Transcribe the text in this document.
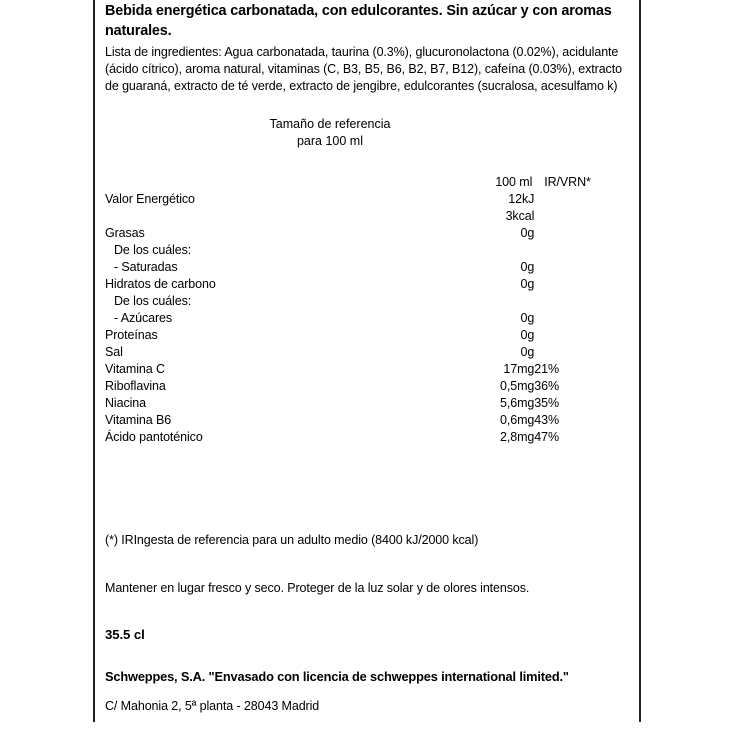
Bebida energética carbonatada, con edulcorantes. Sin azúcar y con aromas naturales.

Lista de ingredientes: Agua carbonatada, taurina (0.3%), glucuronolactona (0.02%), acidulante (ácido cítrico), aroma natural, vitaminas (C, B3, B5, B6, B2, B7, B12), cafeína (0.03%), extracto de guaraná, extracto de té verde, extracto de jengibre, edulcorantes (sucralosa, acesulfamo k)

Tamaño de referencia
para 100 ml
	100 ml	IR/VRN*
Valor Energético	12kJ	
	3kcal	
Grasas	0g	
De los cuáles:		
- Saturadas	0g	
Hidratos de carbono	0g	
De los cuáles:		
- Azúcares	0g	
Proteínas	0g	
Sal	0g	
Vitamina C	17mg	21%
Riboflavina	0,5mg	36%
Niacina	5,6mg	35%
Vitamina B6	0,6mg	43%
Ácido pantoténico	2,8mg	47%

(*) IRIngesta de referencia para un adulto medio (8400 kJ/2000 kcal)

Mantener en lugar fresco y seco. Proteger de la luz solar y de olores intensos.

35.5 cl

Schweppes, S.A. "Envasado con licencia de schweppes international limited."

C/ Mahonia 2, 5ª planta - 28043 Madrid
